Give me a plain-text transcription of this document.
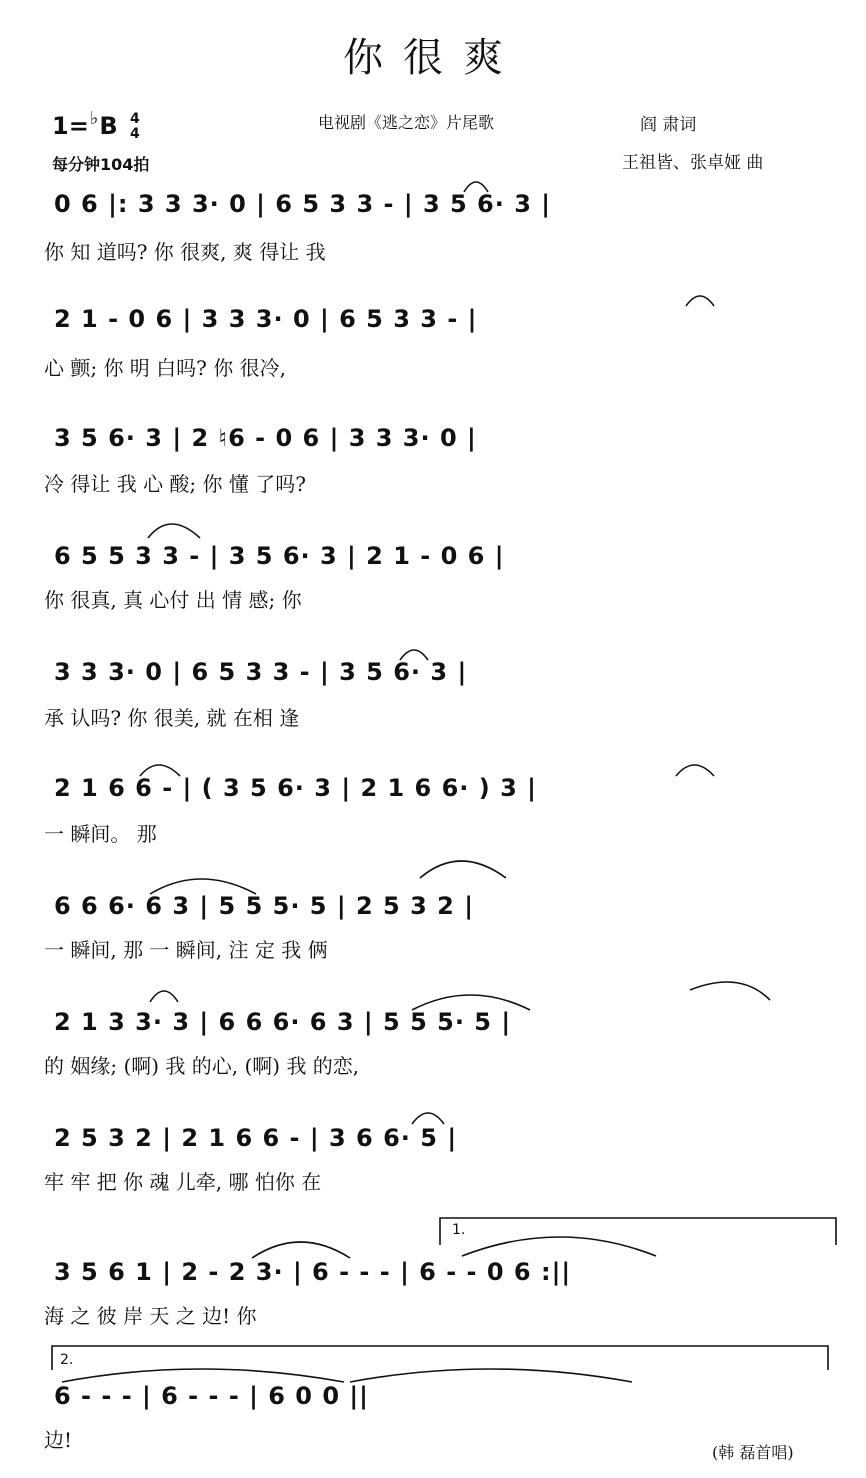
你很爽
1=♭B 4
4
每分钟104拍
电视剧《逃之恋》片尾歌	阎 肃词
王祖皆、张卓娅 曲
0 6 |: 3 3 3· 0 | 6 5 3 3 - | 3 5 6· 3 |
你 知 道吗? 你 很爽, 爽 得让 我
2 1 - 0 6 | 3 3 3· 0 | 6 5 3 3 - |
心 颤; 你 明 白吗? 你 很冷,
3 5 6· 3 | 2 ♮6 - 0 6 | 3 3 3· 0 |
冷 得让 我 心 酸; 你 懂 了吗?
6 5 5 3 3 - | 3 5 6· 3 | 2 1 - 0 6 |
你 很真, 真 心付 出 情 感; 你
3 3 3· 0 | 6 5 3 3 - | 3 5 6· 3 |
承 认吗? 你 很美, 就 在相 逢
2 1 6 6 - | ( 3 5 6· 3 | 2 1 6 6· ) 3 |
一 瞬间。 那
6 6 6· 6 3 | 5 5 5· 5 | 2 5 3 2 |
一 瞬间, 那 一 瞬间, 注 定 我 俩
2 1 3 3· 3 | 6 6 6· 6 3 | 5 5 5· 5 |
的 姻缘; (啊) 我 的心, (啊) 我 的恋,
2 5 3 2 | 2 1 6 6 - | 3 6 6· 5 |
牢 牢 把 你 魂 儿牵, 哪 怕你 在
1.
3 5 6 1 | 2 - 2 3· | 6 - - - | 6 - - 0 6 :||
海 之 彼 岸 天 之 边! 你
2.
6 - - - | 6 - - - | 6 0 0 ||
边!
(韩 磊首唱)
